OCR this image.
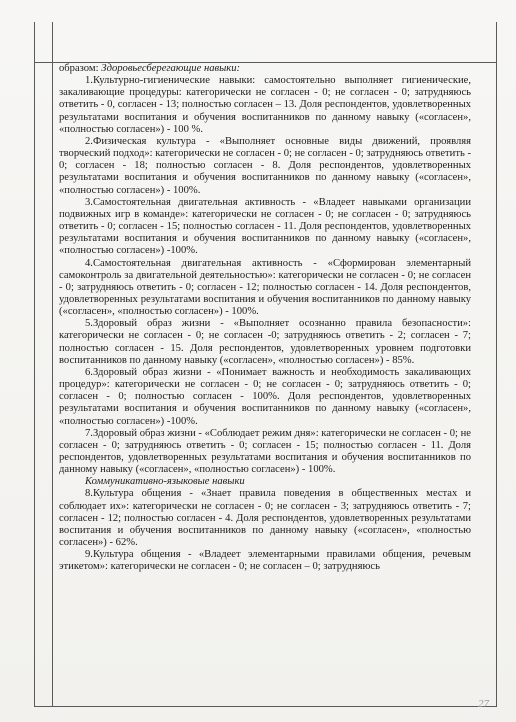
образом: Здоровьесберегающие навыки:

1.Культурно-гигиенические навыки: самостоятельно выполняет гигиенические, закаливающие процедуры: категорически не согласен - 0; не согласен - 0; затрудняюсь ответить - 0, согласен - 13; полностью согласен – 13. Доля респондентов, удовлетворенных результатами воспитания и обучения воспитанников по данному навыку («согласен», «полностью согласен») - 100 %.

2.Физическая культура - «Выполняет основные виды движений, проявляя творческий подход»: категорически не согласен - 0; не согласен - 0; затрудняюсь ответить - 0; согласен - 18; полностью согласен - 8. Доля респондентов, удовлетворенных результатами воспитания и обучения воспитанников по данному навыку («согласен», «полностью согласен») - 100%.

3.Самостоятельная двигательная активность - «Владеет навыками организации подвижных игр в команде»: категорически не согласен - 0; не согласен - 0; затрудняюсь ответить - 0; согласен - 15; полностью согласен - 11. Доля респондентов, удовлетворенных результатами воспитания и обучения воспитанников по данному навыку («согласен», «полностью согласен») -100%.

4.Самостоятельная двигательная активность - «Сформирован элементарный самоконтроль за двигательной деятельностью»: категорически не согласен - 0; не согласен - 0; затрудняюсь ответить - 0; согласен - 12; полностью согласен - 14. Доля респондентов, удовлетворенных результатами воспитания и обучения воспитанников по данному навыку («согласен», «полностью согласен») - 100%.

5.Здоровый образ жизни - «Выполняет осознанно правила безопасности»: категорически не согласен - 0; не согласен -0; затрудняюсь ответить - 2; согласен - 7; полностью согласен - 15. Доля респондентов, удовлетворенных уровнем подготовки воспитанников по данному навыку («согласен», «полностью согласен») - 85%.

6.Здоровый образ жизни - «Понимает важность и необходимость закаливающих процедур»: категорически не согласен - 0; не согласен - 0; затрудняюсь ответить - 0; согласен - 0; полностью согласен - 100%. Доля респондентов, удовлетворенных результатами воспитания и обучения воспитанников по данному навыку («согласен», «полностью согласен») -100%.

7.Здоровый образ жизни - «Соблюдает режим дня»: категорически не согласен - 0; не согласен - 0; затрудняюсь ответить - 0; согласен - 15; полностью согласен - 11. Доля респондентов, удовлетворенных результатами воспитания и обучения воспитанников по данному навыку («согласен», «полностью согласен») - 100%.

Коммуникативно-языковые навыки

8.Культура общения - «Знает правила поведения в общественных местах и соблюдает их»: категорически не согласен - 0; не согласен - 3; затрудняюсь ответить - 7; согласен - 12; полностью согласен - 4. Доля респондентов, удовлетворенных результатами воспитания и обучения воспитанников по данному навыку («согласен», «полностью согласен») - 62%.

9.Культура общения - «Владеет элементарными правилами общения, речевым этикетом»: категорически не согласен - 0; не согласен – 0; затрудняюсь

27
